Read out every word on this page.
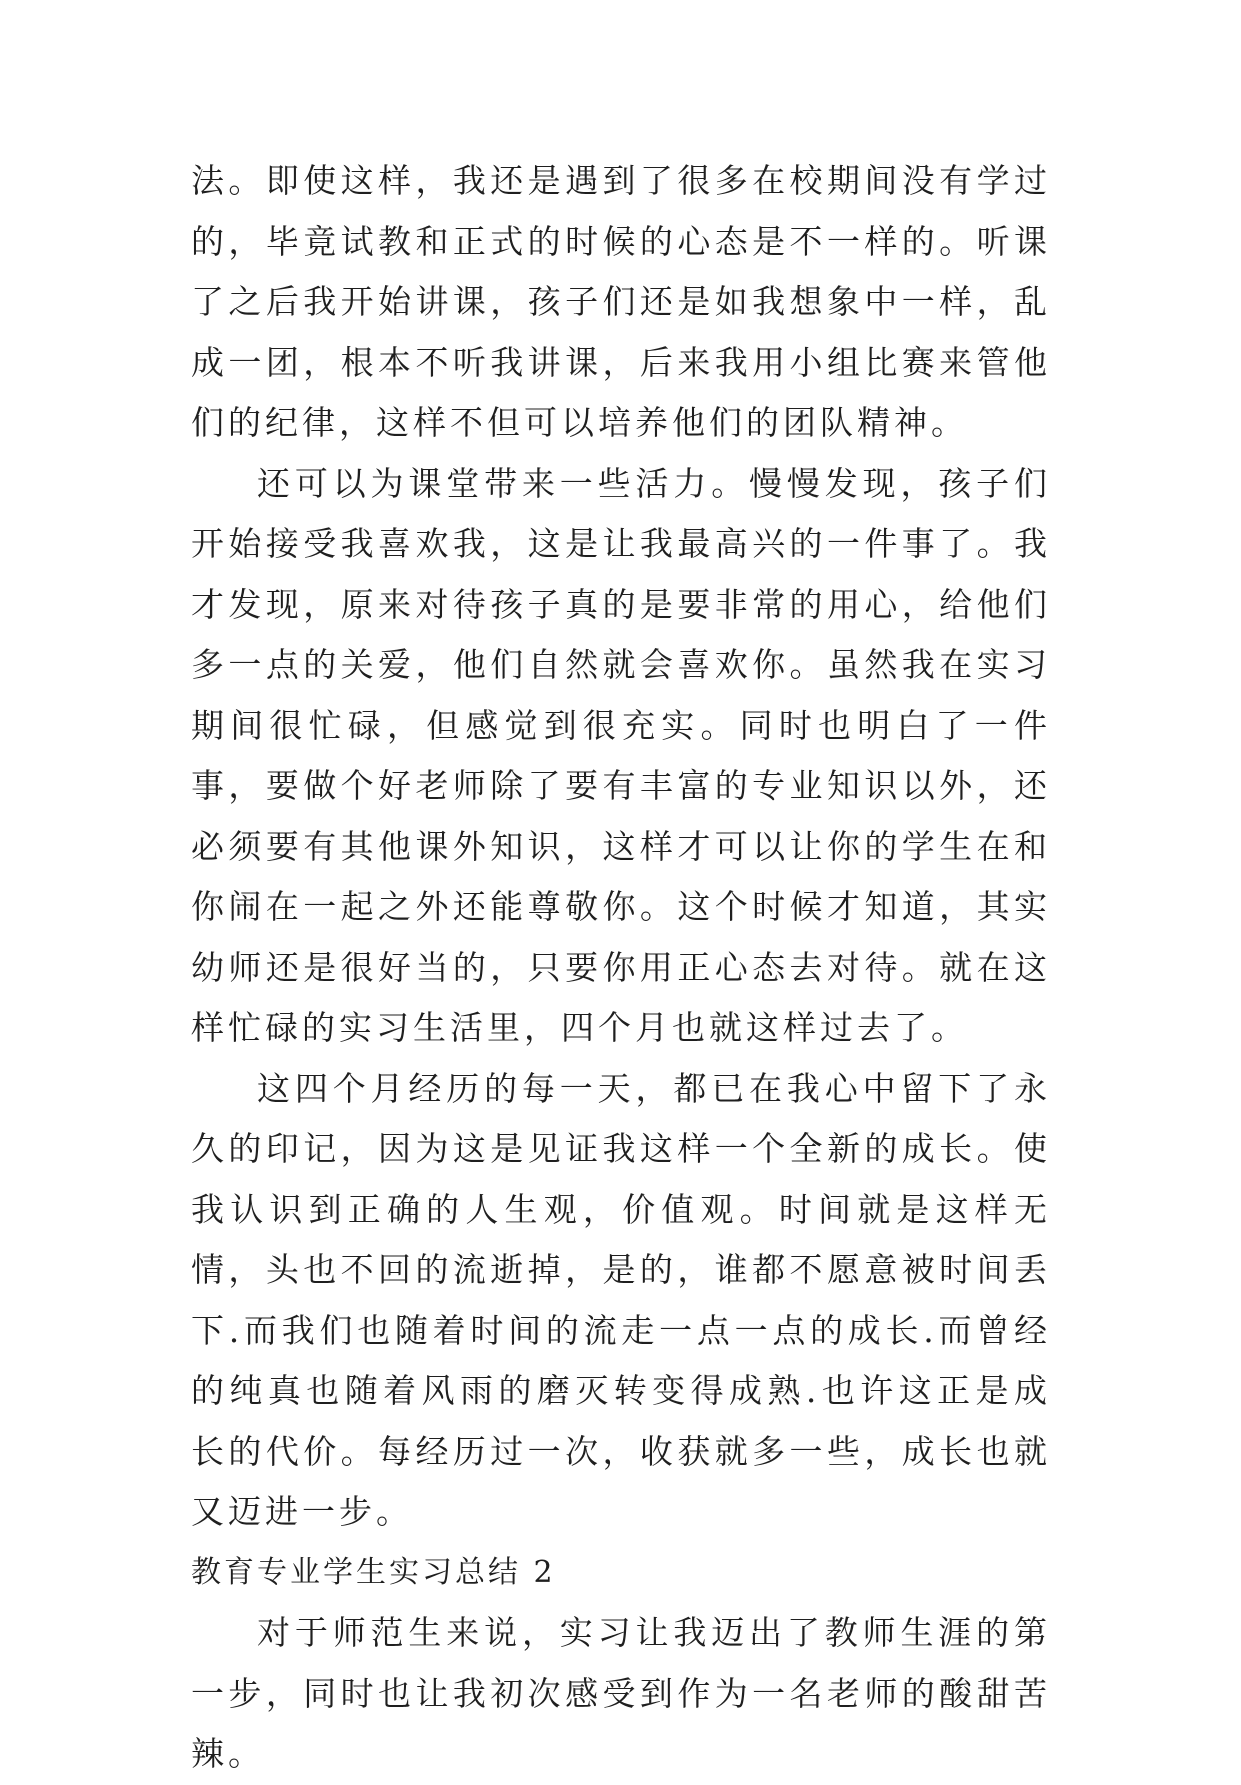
法。即使这样，我还是遇到了很多在校期间没有学过的，毕竟试教和正式的时候的心态是不一样的。听课了之后我开始讲课，孩子们还是如我想象中一样，乱成一团，根本不听我讲课，后来我用小组比赛来管他们的纪律，这样不但可以培养他们的团队精神。

还可以为课堂带来一些活力。慢慢发现，孩子们开始接受我喜欢我，这是让我最高兴的一件事了。我才发现，原来对待孩子真的是要非常的用心，给他们多一点的关爱，他们自然就会喜欢你。虽然我在实习期间很忙碌，但感觉到很充实。同时也明白了一件事，要做个好老师除了要有丰富的专业知识以外，还必须要有其他课外知识，这样才可以让你的学生在和你闹在一起之外还能尊敬你。这个时候才知道，其实幼师还是很好当的，只要你用正心态去对待。就在这样忙碌的实习生活里，四个月也就这样过去了。

这四个月经历的每一天，都已在我心中留下了永久的印记，因为这是见证我这样一个全新的成长。使我认识到正确的人生观，价值观。时间就是这样无情，头也不回的流逝掉，是的，谁都不愿意被时间丢下.而我们也随着时间的流走一点一点的成长.而曾经的纯真也随着风雨的磨灭转变得成熟.也许这正是成长的代价。每经历过一次，收获就多一些，成长也就又迈进一步。

教育专业学生实习总结 2

对于师范生来说，实习让我迈出了教师生涯的第一步，同时也让我初次感受到作为一名老师的酸甜苦辣。
